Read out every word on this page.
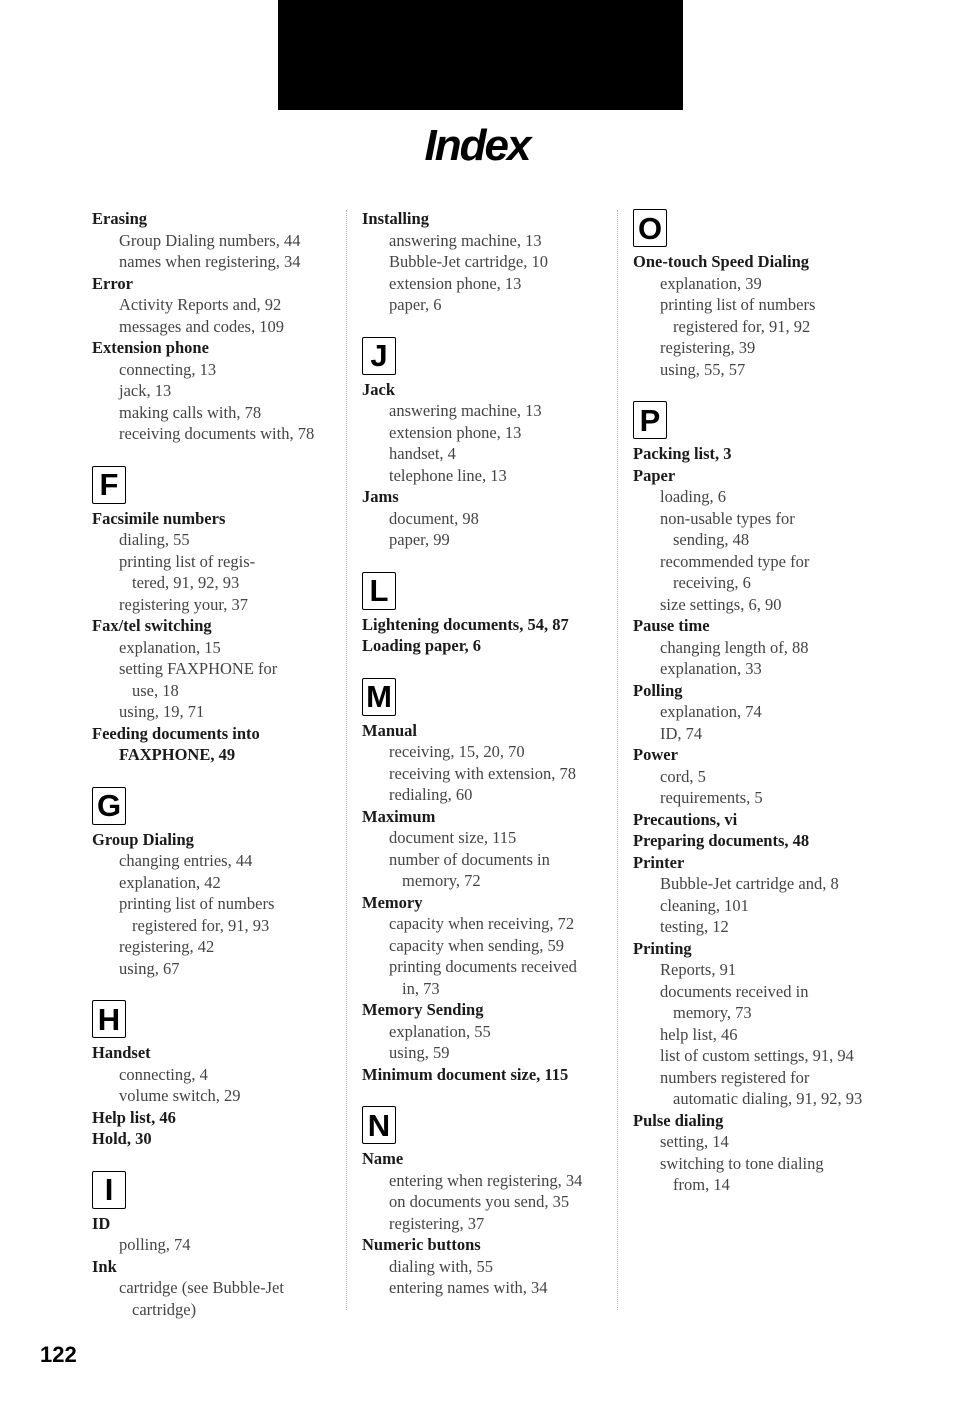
Index
Erasing
Group Dialing numbers, 44
names when registering, 34
Error
Activity Reports and, 92
messages and codes, 109
Extension phone
connecting, 13
jack, 13
making calls with, 78
receiving documents with, 78
F
Facsimile numbers
dialing, 55
printing list of regis-
tered, 91, 92, 93
registering your, 37
Fax/tel switching
explanation, 15
setting FAXPHONE for
use, 18
using, 19, 71
Feeding documents into
FAXPHONE, 49
G
Group Dialing
changing entries, 44
explanation, 42
printing list of numbers
registered for, 91, 93
registering, 42
using, 67
H
Handset
connecting, 4
volume switch, 29
Help list, 46
Hold, 30
I
ID
polling, 74
Ink
cartridge (see Bubble-Jet
cartridge)
Installing
answering machine, 13
Bubble-Jet cartridge, 10
extension phone, 13
paper, 6
J
Jack
answering machine, 13
extension phone, 13
handset, 4
telephone line, 13
Jams
document, 98
paper, 99
L
Lightening documents, 54, 87
Loading paper, 6
M
Manual
receiving, 15, 20, 70
receiving with extension, 78
redialing, 60
Maximum
document size, 115
number of documents in
memory, 72
Memory
capacity when receiving, 72
capacity when sending, 59
printing documents received
in, 73
Memory Sending
explanation, 55
using, 59
Minimum document size, 115
N
Name
entering when registering, 34
on documents you send, 35
registering, 37
Numeric buttons
dialing with, 55
entering names with, 34
O
One-touch Speed Dialing
explanation, 39
printing list of numbers
registered for, 91, 92
registering, 39
using, 55, 57
P
Packing list, 3
Paper
loading, 6
non-usable types for
sending, 48
recommended type for
receiving, 6
size settings, 6, 90
Pause time
changing length of, 88
explanation, 33
Polling
explanation, 74
ID, 74
Power
cord, 5
requirements, 5
Precautions, vi
Preparing documents, 48
Printer
Bubble-Jet cartridge and, 8
cleaning, 101
testing, 12
Printing
Reports, 91
documents received in
memory, 73
help list, 46
list of custom settings, 91, 94
numbers registered for
automatic dialing, 91, 92, 93
Pulse dialing
setting, 14
switching to tone dialing
from, 14
122
